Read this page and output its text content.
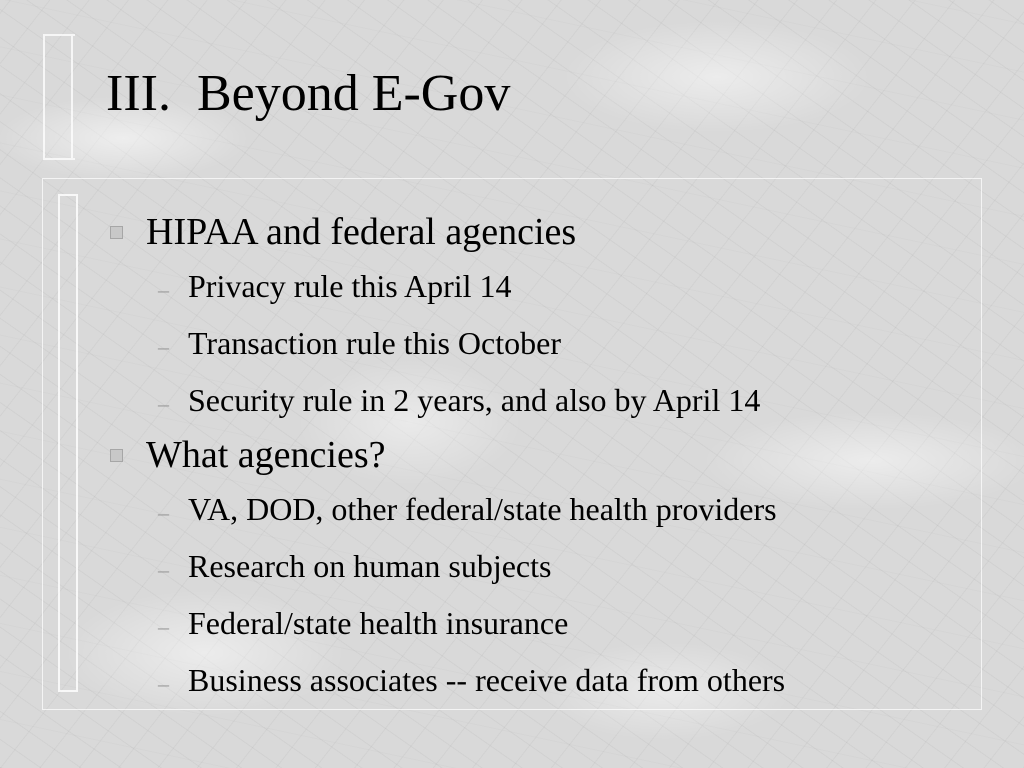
III.  Beyond E-Gov
HIPAA and federal agencies
– Privacy rule this April 14
– Transaction rule this October
– Security rule in 2 years, and also by April 14
What agencies?
– VA, DOD, other federal/state health providers
– Research on human subjects
– Federal/state health insurance
– Business associates -- receive data from others
